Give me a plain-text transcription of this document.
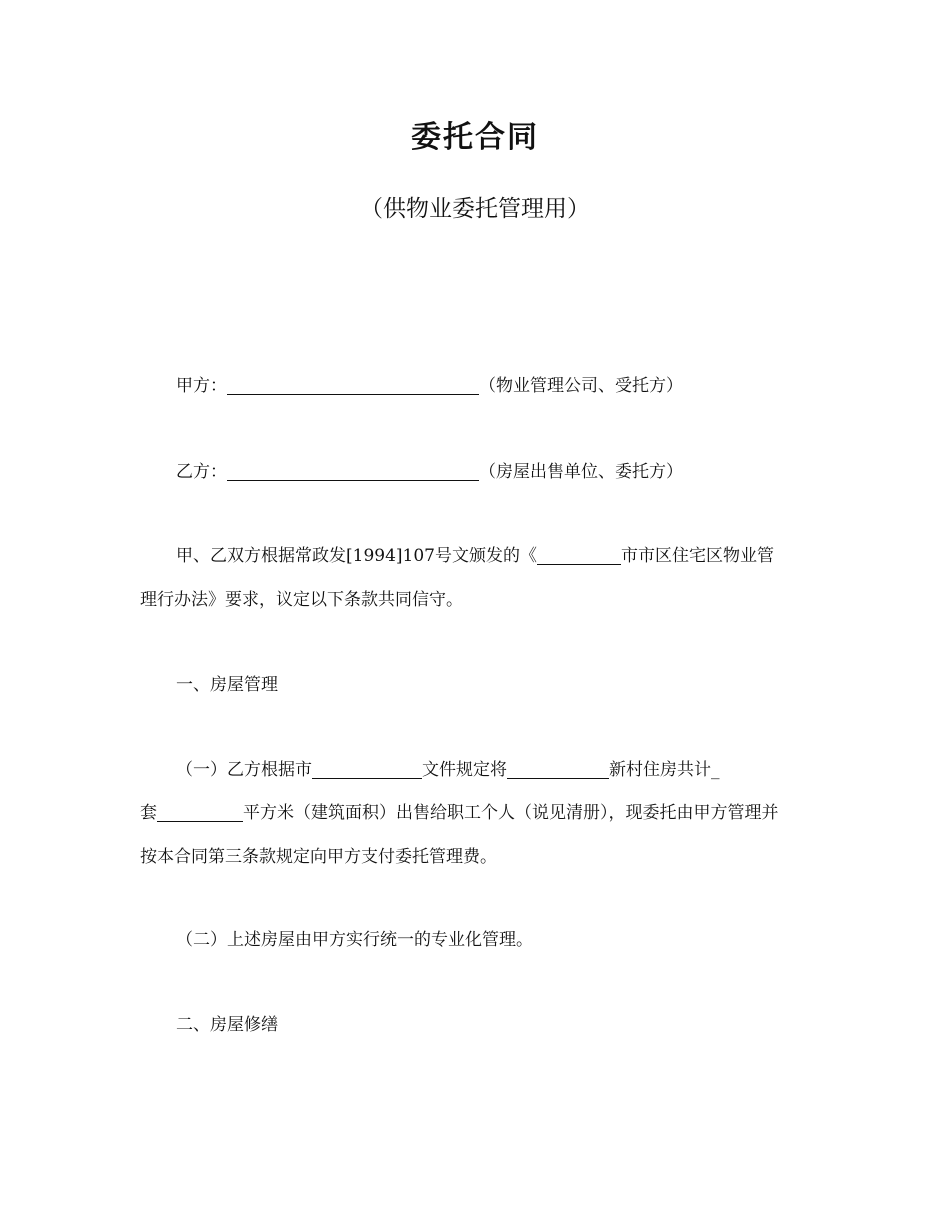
委托合同

（供物业委托管理用）

甲方：	（物业管理公司、受托方）

乙方：	（房屋出售单位、委托方）

甲、乙双方根据常政发[1994]107号文颁发的《	市市区住宅区物业管

理行办法》要求，议定以下条款共同信守。

一、房屋管理

（一）乙方根据市	文件规定将	新村住房共计_

套	平方米（建筑面积）出售给职工个人（说见清册），现委托由甲方管理并

按本合同第三条款规定向甲方支付委托管理费。

（二）上述房屋由甲方实行统一的专业化管理。

二、房屋修缮
